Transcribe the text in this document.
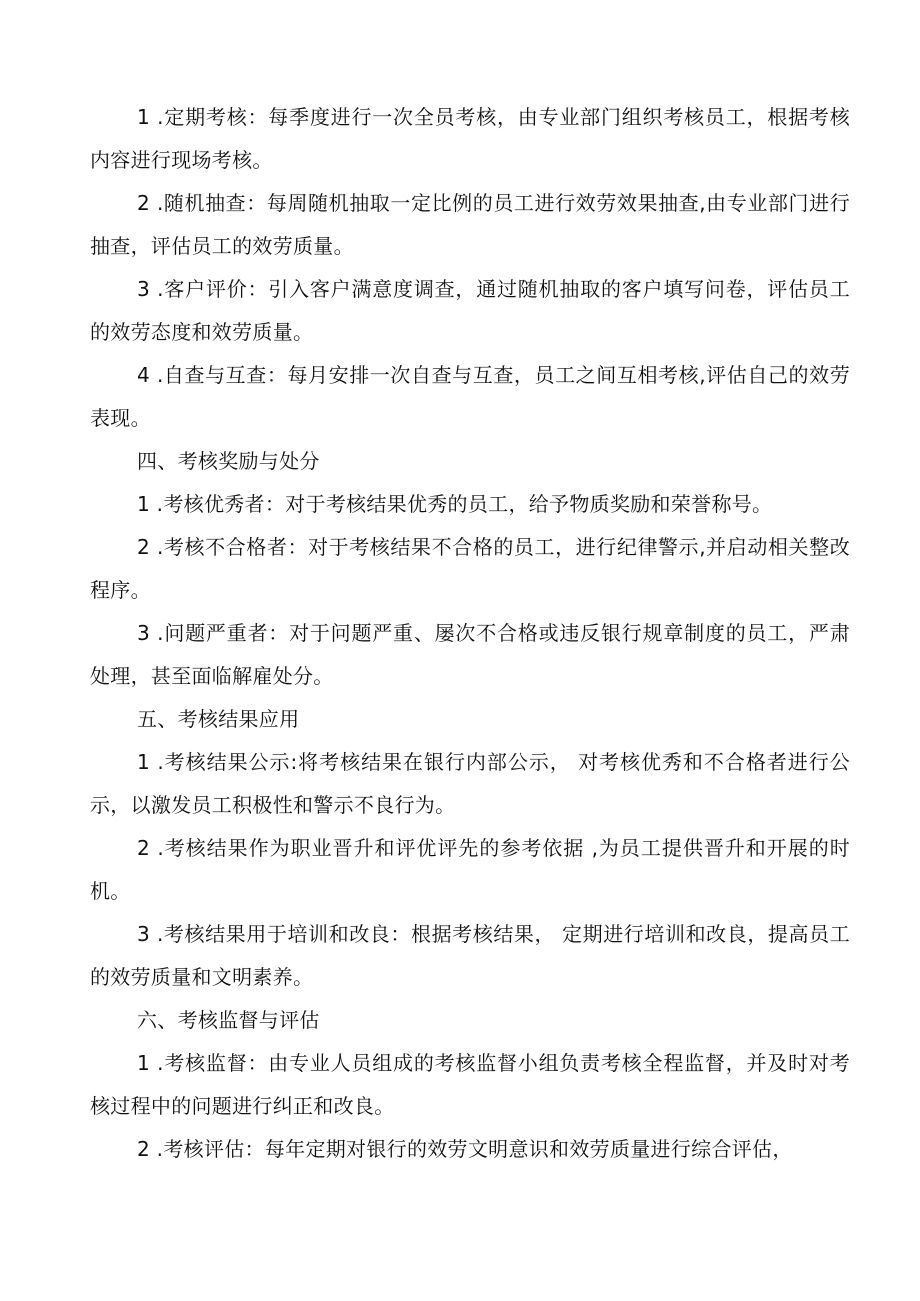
1 .定期考核：每季度进行一次全员考核，由专业部门组织考核员工，根据考核内容进行现场考核。

2 .随机抽查：每周随机抽取一定比例的员工进行效劳效果抽查,由专业部门进行抽查，评估员工的效劳质量。

3 .客户评价：引入客户满意度调查，通过随机抽取的客户填写问卷，评估员工的效劳态度和效劳质量。

4 .自查与互查：每月安排一次自查与互查，员工之间互相考核,评估自己的效劳表现。

四、考核奖励与处分

1 .考核优秀者：对于考核结果优秀的员工，给予物质奖励和荣誉称号。

2 .考核不合格者：对于考核结果不合格的员工，进行纪律警示,并启动相关整改程序。

3 .问题严重者：对于问题严重、屡次不合格或违反银行规章制度的员工，严肃处理，甚至面临解雇处分。

五、考核结果应用

1 .考核结果公示:将考核结果在银行内部公示， 对考核优秀和不合格者进行公示，以激发员工积极性和警示不良行为。

2 .考核结果作为职业晋升和评优评先的参考依据 ,为员工提供晋升和开展的时机。

3 .考核结果用于培训和改良：根据考核结果， 定期进行培训和改良，提高员工的效劳质量和文明素养。

六、考核监督与评估

1 .考核监督：由专业人员组成的考核监督小组负责考核全程监督，并及时对考核过程中的问题进行纠正和改良。

2 .考核评估：每年定期对银行的效劳文明意识和效劳质量进行综合评估，
